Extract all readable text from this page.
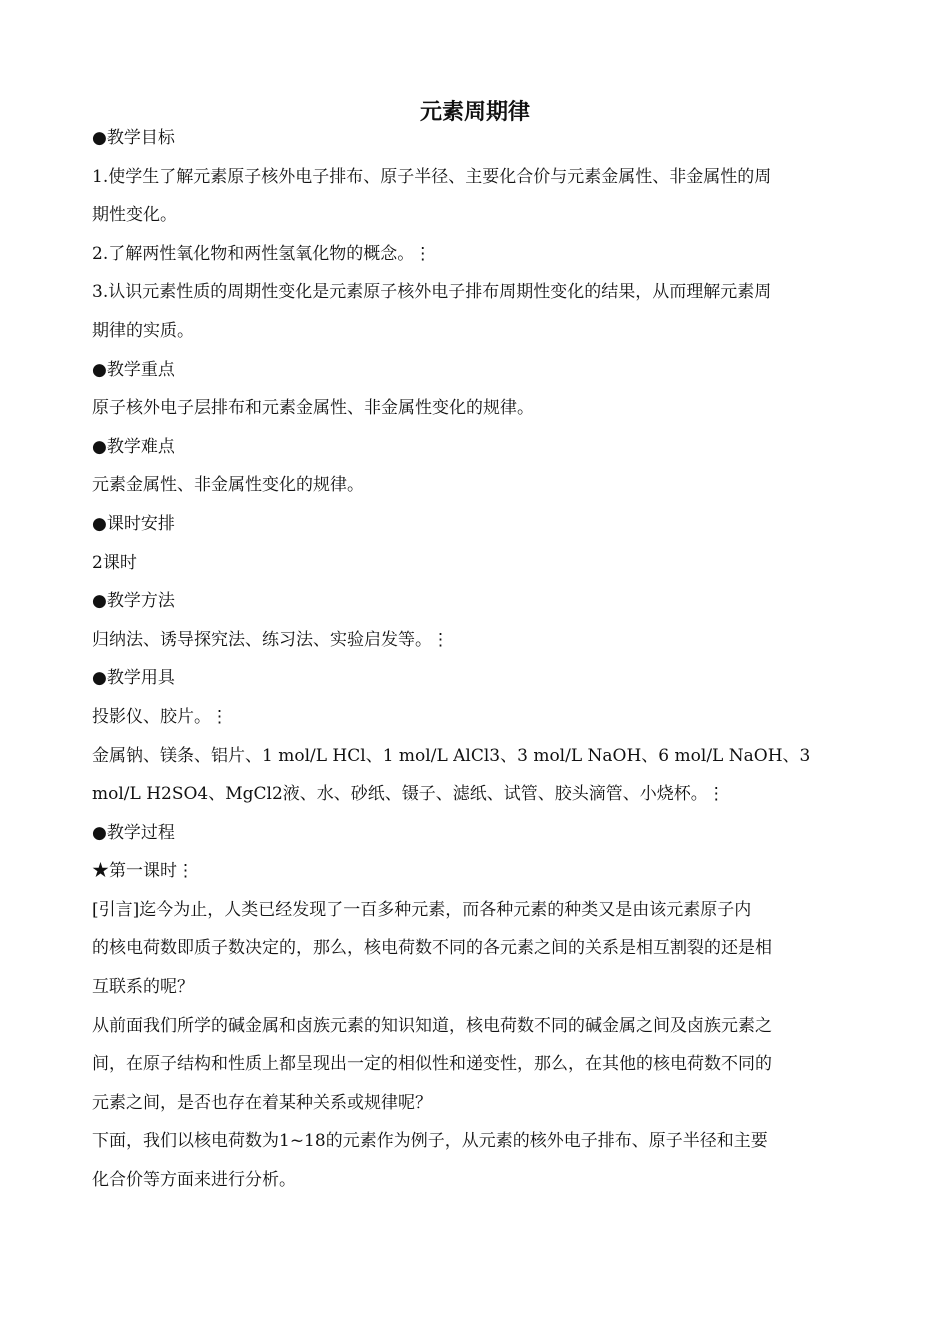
元素周期律
●教学目标
1.使学生了解元素原子核外电子排布、原子半径、主要化合价与元素金属性、非金属性的周
期性变化。
2.了解两性氧化物和两性氢氧化物的概念。⋮
3.认识元素性质的周期性变化是元素原子核外电子排布周期性变化的结果，从而理解元素周
期律的实质。
●教学重点
原子核外电子层排布和元素金属性、非金属性变化的规律。
●教学难点
元素金属性、非金属性变化的规律。
●课时安排
2课时
●教学方法
归纳法、诱导探究法、练习法、实验启发等。⋮
●教学用具
投影仪、胶片。⋮
金属钠、镁条、铝片、1 mol/L HCl、1 mol/L AlCl3、3 mol/L NaOH、6 mol/L NaOH、3
mol/L H2SO4、MgCl2液、水、砂纸、镊子、滤纸、试管、胶头滴管、小烧杯。⋮
●教学过程
★第一课时⋮
[引言]迄今为止，人类已经发现了一百多种元素，而各种元素的种类又是由该元素原子内
的核电荷数即质子数决定的，那么，核电荷数不同的各元素之间的关系是相互割裂的还是相
互联系的呢？
从前面我们所学的碱金属和卤族元素的知识知道，核电荷数不同的碱金属之间及卤族元素之
间，在原子结构和性质上都呈现出一定的相似性和递变性，那么，在其他的核电荷数不同的
元素之间，是否也存在着某种关系或规律呢？
下面，我们以核电荷数为1~18的元素作为例子，从元素的核外电子排布、原子半径和主要
化合价等方面来进行分析。
